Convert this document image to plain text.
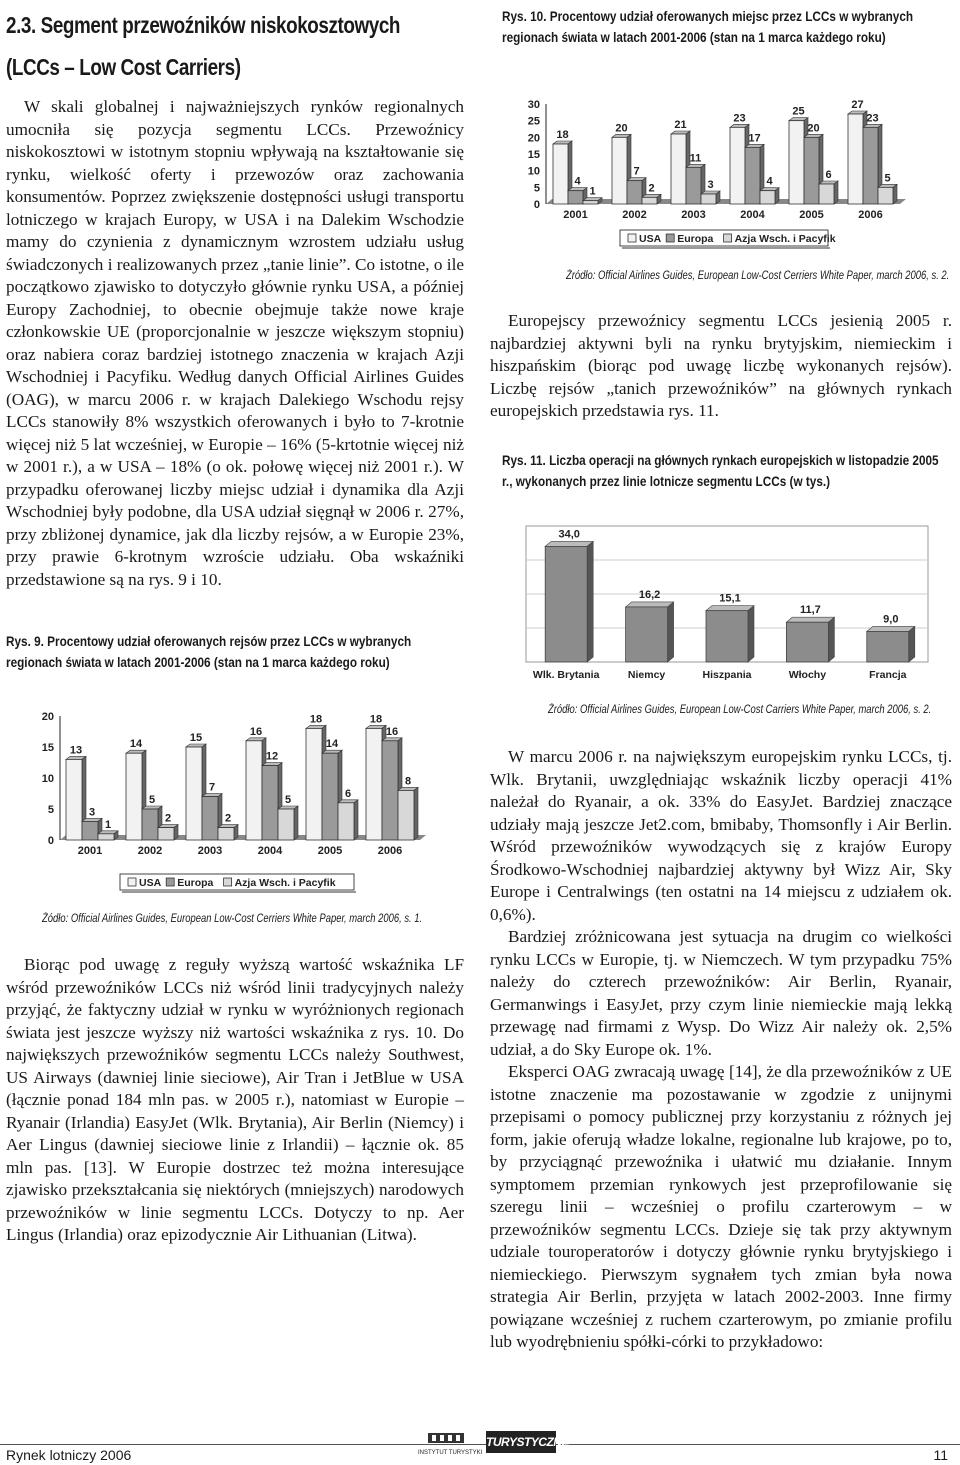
2.3. Segment przewoźników niskokosztowych
(LCCs – Low Cost Carriers)

W skali globalnej i najważniejszych rynków regionalnych umocniła się pozycja segmentu LCCs. Przewoźnicy niskokosztowi w istotnym stopniu wpływają na kształtowanie się rynku, wielkość oferty i przewozów oraz zachowania konsumentów. Poprzez zwiększenie dostępności usługi transportu lotniczego w krajach Europy, w USA i na Dalekim Wschodzie mamy do czynienia z dynamicznym wzrostem udziału usług świadczonych i realizowanych przez „tanie linie”. Co istotne, o ile początkowo zjawisko to dotyczyło głównie rynku USA, a później Europy Zachodniej, to obecnie obejmuje także nowe kraje członkowskie UE (proporcjonalnie w jeszcze większym stopniu) oraz nabiera coraz bardziej istotnego znaczenia w krajach Azji Wschodniej i Pacyfiku. Według danych Official Airlines Guides (OAG), w marcu 2006 r. w krajach Dalekiego Wschodu rejsy LCCs stanowiły 8% wszystkich oferowanych i było to 7-krotnie więcej niż 5 lat wcześniej, w Europie – 16% (5-krtotnie więcej niż w 2001 r.), a w USA – 18% (o ok. połowę więcej niż 2001 r.). W przypadku oferowanej liczby miejsc udział i dynamika dla Azji Wschodniej były podobne, dla USA udział sięgnął w 2006 r. 27%, przy zbliżonej dynamice, jak dla liczby rejsów, a w Europie 23%, przy prawie 6-krotnym wzroście udziału. Oba wskaźniki przedstawione są na rys. 9 i 10.

Rys. 9. Procentowy udział oferowanych rejsów przez LCCs w wybranych regionach świata w latach 2001-2006 (stan na 1 marca każdego roku)
0
5
10
15
20
13
3
1
2001
14
5
2
2002
15
7
2
2003
16
12
5
2004
18
14
6
2005
18
16
8
2006
USA Europa Azja Wsch. i Pacyfik
Źódło: Official Airlines Guides, European Low-Cost Cerriers White Paper, march 2006, s. 1.

Biorąc pod uwagę z reguły wyższą wartość wskaźnika LF wśród przewoźników LCCs niż wśród linii tradycyjnych należy przyjąć, że faktyczny udział w rynku w wyróżnionych regionach świata jest jeszcze wyższy niż wartości wskaźnika z rys. 10. Do największych przewoźników segmentu LCCs należy Southwest, US Airways (dawniej linie sieciowe), Air Tran i JetBlue w USA (łącznie ponad 184 mln pas. w 2005 r.), natomiast w Europie – Ryanair (Irlandia) EasyJet (Wlk. Brytania), Air Berlin (Niemcy) i Aer Lingus (dawniej sieciowe linie z Irlandii) – łącznie ok. 85 mln pas. [13]. W Europie dostrzec też można interesujące zjawisko przekształcania się niektórych (mniejszych) narodowych przewoźników w linie segmentu LCCs. Dotyczy to np. Aer Lingus (Irlandia) oraz epizodycznie Air Lithuanian (Litwa).

Rys. 10. Procentowy udział oferowanych miejsc przez LCCs w wybranych regionach świata w latach 2001-2006 (stan na 1 marca każdego roku)
0
5
10
15
20
25
30
18
4
1
2001
20
7
2
2002
21
11
3
2003
23
17
4
2004
25
20
6
2005
27
23
5
2006
USA Europa Azja Wsch. i Pacyfik
Źródło: Official Airlines Guides, European Low-Cost Cerriers White Paper, march 2006, s. 2.

Europejscy przewoźnicy segmentu LCCs jesienią 2005 r. najbardziej aktywni byli na rynku brytyjskim, niemieckim i hiszpańskim (biorąc pod uwagę liczbę wykonanych rejsów). Liczbę rejsów „tanich przewoźników” na głównych rynkach europejskich przedstawia rys. 11.

Rys. 11. Liczba operacji na głównych rynkach europejskich w listopadzie 2005 r., wykonanych przez linie lotnicze segmentu LCCs (w tys.)
34,0
Wlk. Brytania
16,2
Niemcy
15,1
Hiszpania
11,7
Włochy
9,0
Francja
Źródło: Official Airlines Guides, European Low-Cost Carriers White Paper, march 2006, s. 2.

W marcu 2006 r. na największym europejskim rynku LCCs, tj. Wlk. Brytanii, uwzględniając wskaźnik liczby operacji 41% należał do Ryanair, a ok. 33% do EasyJet. Bardziej znaczące udziały mają jeszcze Jet2.com, bmibaby, Thomsonfly i Air Berlin. Wśród przewoźników wywodzących się z krajów Europy Środkowo-Wschodniej najbardziej aktywny był Wizz Air, Sky Europe i Centralwings (ten ostatni na 14 miejscu z udziałem ok. 0,6%).

Bardziej zróżnicowana jest sytuacja na drugim co wielkości rynku LCCs w Europie, tj. w Niemczech. W tym przypadku 75% należy do czterech przewoźników: Air Berlin, Ryanair, Germanwings i EasyJet, przy czym linie niemieckie mają lekką przewagę nad firmami z Wysp. Do Wizz Air należy ok. 2,5% udział, a do Sky Europe ok. 1%.

Eksperci OAG zwracają uwagę [14], że dla przewoźników z UE istotne znaczenie ma pozostawanie w zgodzie z unijnymi przepisami o pomocy publicznej przy korzystaniu z różnych jej form, jakie oferują władze lokalne, regionalne lub krajowe, po to, by przyciągnąć przewoźnika i ułatwić mu działanie. Innym symptomem przemian rynkowych jest przeprofilowanie się szeregu linii – wcześniej o profilu czarterowym – w przewoźników segmentu LCCs. Dzieje się tak przy aktywnym udziale touroperatorów i dotyczy głównie rynku brytyjskiego i niemieckiego. Pierwszym sygnałem tych zmian była nowa strategia Air Berlin, przyjęta w latach 2002-2003. Inne firmy powiązane wcześniej z ruchem czarterowym, po zmianie profilu lub wyodrębnieniu spółki-córki to przykładowo:

Rynek lotniczy 2006	INSTYTUT TURYSTYKI
TURYSTYCZNE
11
